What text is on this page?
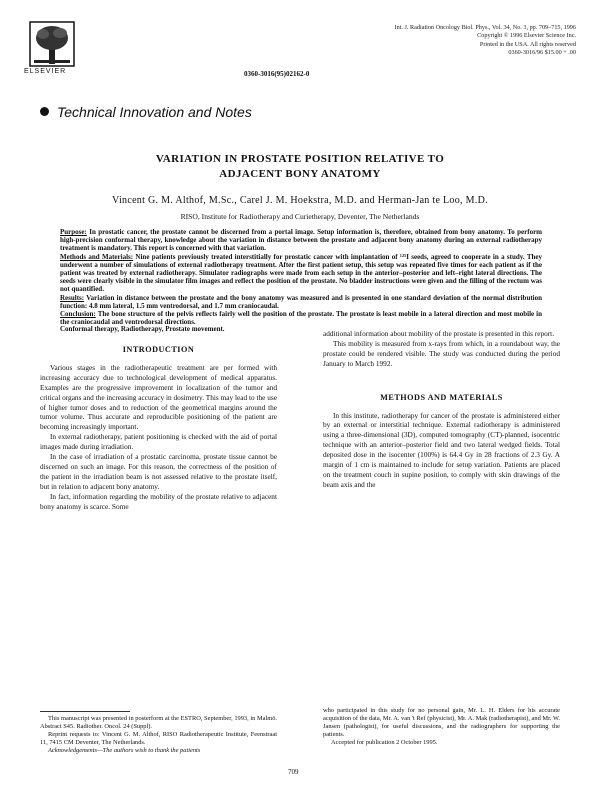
ELSEVIER
Int. J. Radiation Oncology Biol. Phys., Vol. 34, No. 3, pp. 709–715, 1996
Copyright © 1996 Elsevier Science Inc.
Printed in the USA. All rights reserved
0360-3016/96 $15.00 + .00
0360-3016(95)02162-0
Technical Innovation and Notes
VARIATION IN PROSTATE POSITION RELATIVE TO
ADJACENT BONY ANATOMY
Vincent G. M. Althof, M.Sc., Carel J. M. Hoekstra, M.D. and Herman-Jan te Loo, M.D.
RISO, Institute for Radiotherapy and Curietherapy, Deventer, The Netherlands

Purpose: In prostatic cancer, the prostate cannot be discerned from a portal image. Setup information is, therefore, obtained from bony anatomy. To perform high-precision conformal therapy, knowledge about the variation in distance between the prostate and adjacent bony anatomy during an external radiotherapy treatment is mandatory. This report is concerned with that variation.

Methods and Materials: Nine patients previously treated interstitially for prostatic cancer with implantation of ¹²⁵I seeds, agreed to cooperate in a study. They underwent a number of simulations of external radiotherapy treatment. After the first patient setup, this setup was repeated five times for each patient as if the patient was treated by external radiotherapy. Simulator radiographs were made from each setup in the anterior–posterior and left–right lateral directions. The seeds were clearly visible in the simulator film images and reflect the position of the prostate. No bladder instructions were given and the filling of the rectum was not quantified.

Results: Variation in distance between the prostate and the bony anatomy was measured and is presented in one standard deviation of the normal distribution function: 4.8 mm lateral, 1.5 mm ventrodorsal, and 1.7 mm craniocaudal.

Conclusion: The bone structure of the pelvis reflects fairly well the position of the prostate. The prostate is least mobile in a lateral direction and most mobile in the craniocaudal and ventrodorsal directions.

Conformal therapy, Radiotherapy, Prostate movement.
INTRODUCTION

Various stages in the radiotherapeutic treatment are per formed with increasing accuracy due to technological development of medical apparatus. Examples are the progressive improvement in localization of the tumor and critical organs and the increasing accuracy in dosimetry. This may lead to the use of higher tumor doses and to reduction of the geometrical margins around the tumor volume. Thus accurate and reproducible positioning of the patient are becoming increasingly important.

In external radiotherapy, patient positioning is checked with the aid of portal images made during irradiation.

In the case of irradiation of a prostatic carcinoma, prostate tissue cannot be discerned on such an image. For this reason, the correctness of the position of the patient in the irradiation beam is not assessed relative to the prostate itself, but in relation to adjacent bony anatomy.

In fact, information regarding the mobility of the prostate relative to adjacent bony anatomy is scarce. Some

additional information about mobility of the prostate is presented in this report.

This mobility is measured from x-rays from which, in a roundabout way, the prostate could be rendered visible. The study was conducted during the period January to March 1992.

METHODS AND MATERIALS

In this institute, radiotherapy for cancer of the prostate is administered either by an external or interstitial technique. External radiotherapy is administered using a three-dimensional (3D), computed tomography (CT)-planned, isocentric technique with an anterior–posterior field and two lateral wedged fields. Total deposited dose in the isocenter (100%) is 64.4 Gy in 28 fractions of 2.3 Gy. A margin of 1 cm is maintained to include for setup variation. Patients are placed on the treatment couch in supine position, to comply with skin drawings of the beam axis and the

This manuscript was presented in posterform at the ESTRO, September, 1993, in Malmö. Abstract S45. Radiother. Oncol. 24 (Suppl).

Reprint requests to: Vincent G. M. Althof, RISO Radiotherapeutic Institute, Feenstraat 11, 7415 CM Deventer, The Netherlands.

Acknowledgements—The authors wish to thank the patients

who participated in this study for no personal gain, Mr. L. H. Elders for his accurate acquisition of the data, Mr. A. van 't Ref (physicist), Mr. A. Mak (radiotherapist), and Mr. W. Jansen (pathologist), for useful discussions, and the radiographers for supporting the patients.

Accepted for publication 2 October 1995.

709
